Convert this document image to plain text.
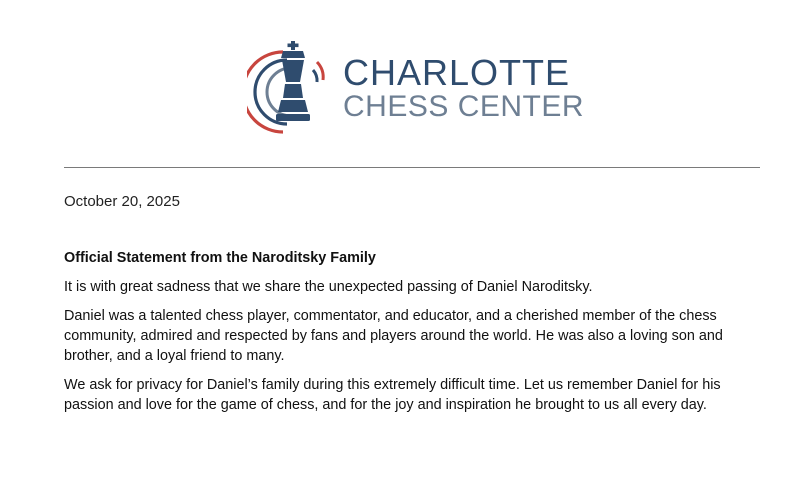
CHARLOTTE
CHESS CENTER
October 20, 2025

Official Statement from the Naroditsky Family

It is with great sadness that we share the unexpected passing of Daniel Naroditsky.

Daniel was a talented chess player, commentator, and educator, and a cherished member of the chess community, admired and respected by fans and players around the world. He was also a loving son and brother, and a loyal friend to many.

We ask for privacy for Daniel’s family during this extremely difficult time. Let us remember Daniel for his passion and love for the game of chess, and for the joy and inspiration he brought to us all every day.
